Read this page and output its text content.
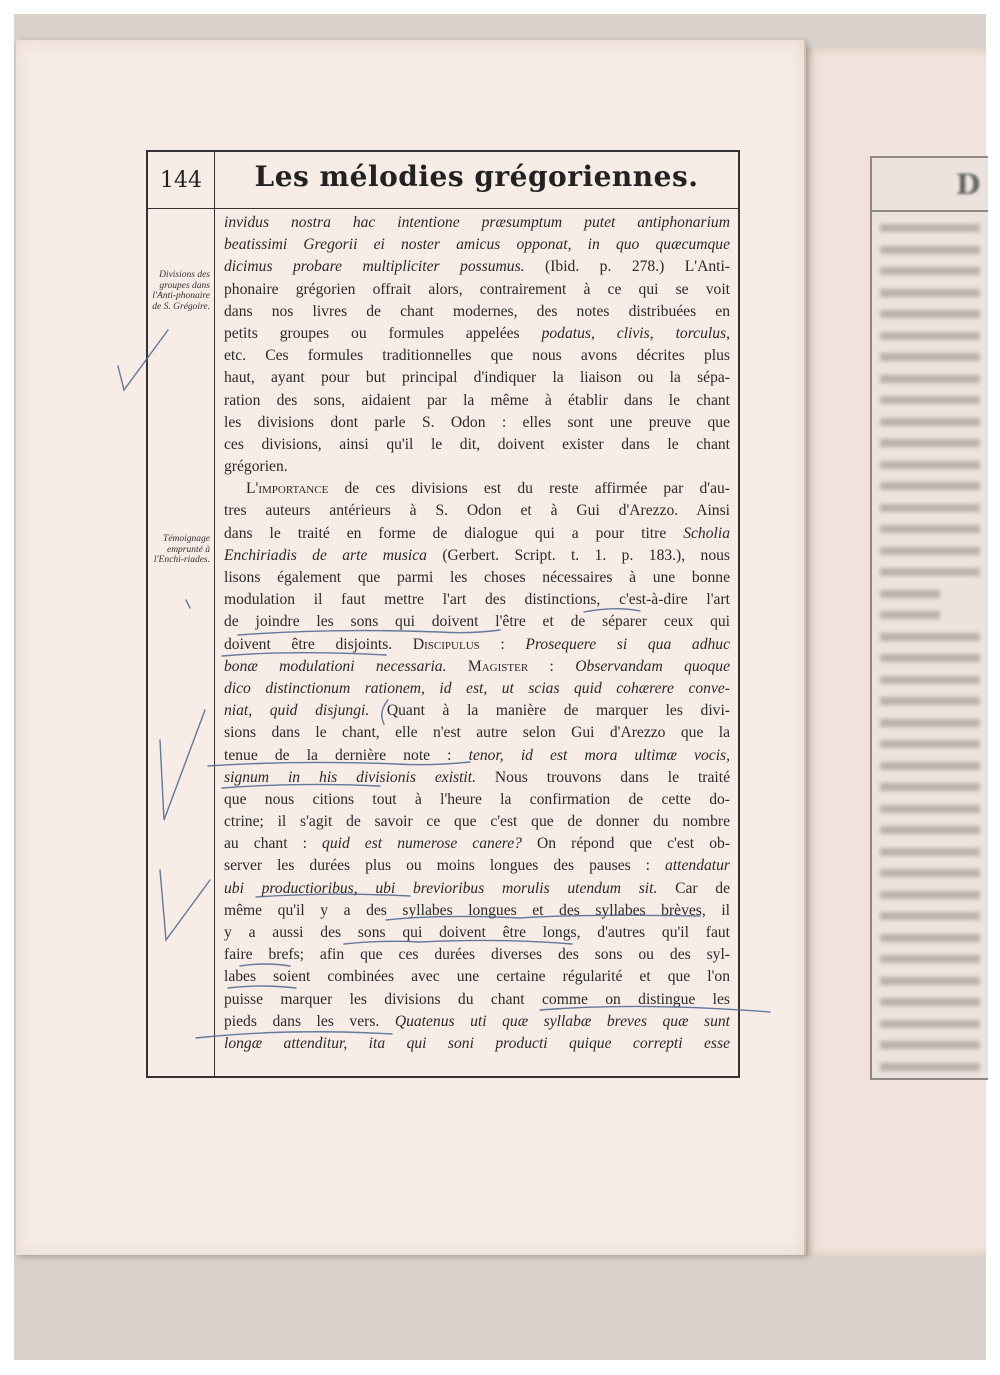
D
144	Les mélodies grégoriennes.
Divisions des groupes dans l'Anti-phonaire de S. Grégoire.
Témoignage emprunté à l'Enchi-riades.
invidus nostra hac intentione præsumptum putet antiphonarium
beatissimi Gregorii ei noster amicus opponat, in quo quæcumque
dicimus probare multipliciter possumus. (Ibid. p. 278.) L'Anti-
phonaire grégorien offrait alors, contrairement à ce qui se voit
dans nos livres de chant modernes, des notes distribuées en
petits groupes ou formules appelées podatus, clivis, torculus,
etc. Ces formules traditionnelles que nous avons décrites plus
haut, ayant pour but principal d'indiquer la liaison ou la sépa-
ration des sons, aidaient par la même à établir dans le chant
les divisions dont parle S. Odon : elles sont une preuve que
ces divisions, ainsi qu'il le dit, doivent exister dans le chant
grégorien.
L'importance de ces divisions est du reste affirmée par d'au-
tres auteurs antérieurs à S. Odon et à Gui d'Arezzo. Ainsi
dans le traité en forme de dialogue qui a pour titre Scholia
Enchiriadis de arte musica (Gerbert. Script. t. 1. p. 183.), nous
lisons également que parmi les choses nécessaires à une bonne
modulation il faut mettre l'art des distinctions, c'est-à-dire l'art
de joindre les sons qui doivent l'être et de séparer ceux qui
doivent être disjoints. Discipulus : Prosequere si qua adhuc
bonæ modulationi necessaria. Magister : Observandam quoque
dico distinctionum rationem, id est, ut scias quid cohærere conve-
niat, quid disjungi. Quant à la manière de marquer les divi-
sions dans le chant, elle n'est autre selon Gui d'Arezzo que la
tenue de la dernière note : tenor, id est mora ultimæ vocis,
signum in his divisionis existit. Nous trouvons dans le traité
que nous citions tout à l'heure la confirmation de cette do-
ctrine; il s'agit de savoir ce que c'est que de donner du nombre
au chant : quid est numerose canere? On répond que c'est ob-
server les durées plus ou moins longues des pauses : attendatur
ubi productioribus, ubi brevioribus morulis utendum sit. Car de
même qu'il y a des syllabes longues et des syllabes brèves, il
y a aussi des sons qui doivent être longs, d'autres qu'il faut
faire brefs; afin que ces durées diverses des sons ou des syl-
labes soient combinées avec une certaine régularité et que l'on
puisse marquer les divisions du chant comme on distingue les
pieds dans les vers. Quatenus uti quæ syllabæ breves quæ sunt
longæ attenditur, ita qui soni producti quique correpti esse
